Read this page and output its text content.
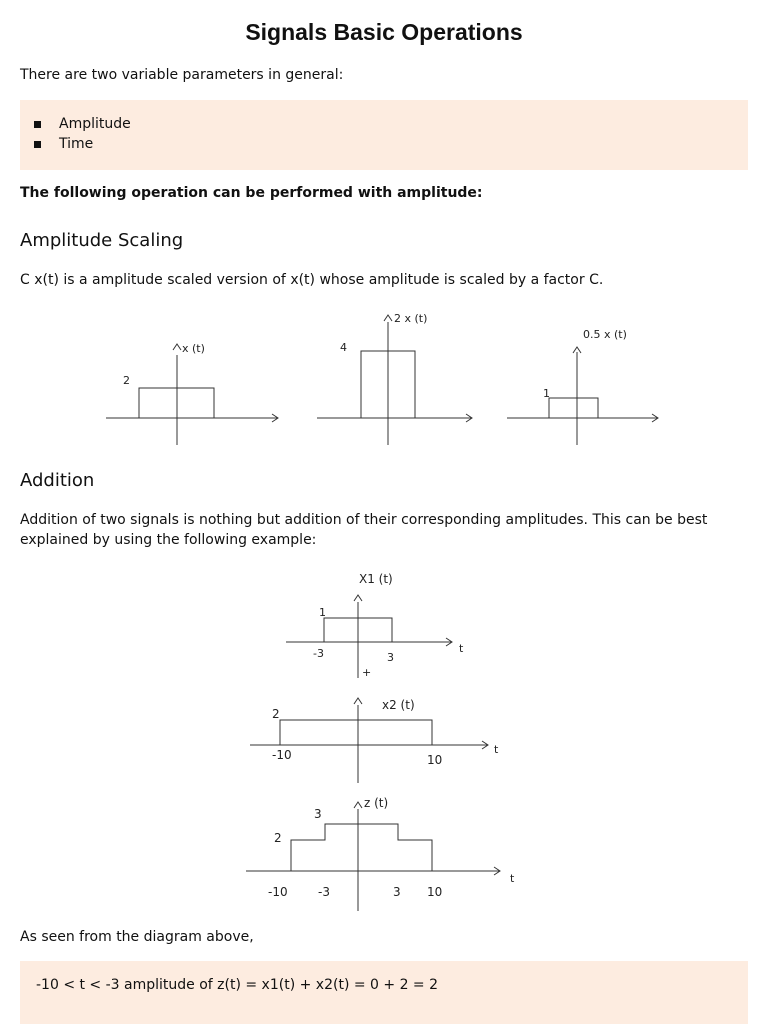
Signals Basic Operations

There are two variable parameters in general:

Amplitude
Time
The following operation can be performed with amplitude:
Amplitude Scaling

C x(t) is a amplitude scaled version of x(t) whose amplitude is scaled by a factor C.

x (t)
2
2 x (t)
4
0.5 x (t)
1
Addition

Addition of two signals is nothing but addition of their corresponding amplitudes. This can be best explained by using the following example:

X1 (t)
1
-3	3
t
+
x2 (t)
2
-10	10
t
z (t)
2
3
-10	-3	3 10
t

As seen from the diagram above,

-10 < t < -3 amplitude of z(t) = x1(t) + x2(t) = 0 + 2 = 2
